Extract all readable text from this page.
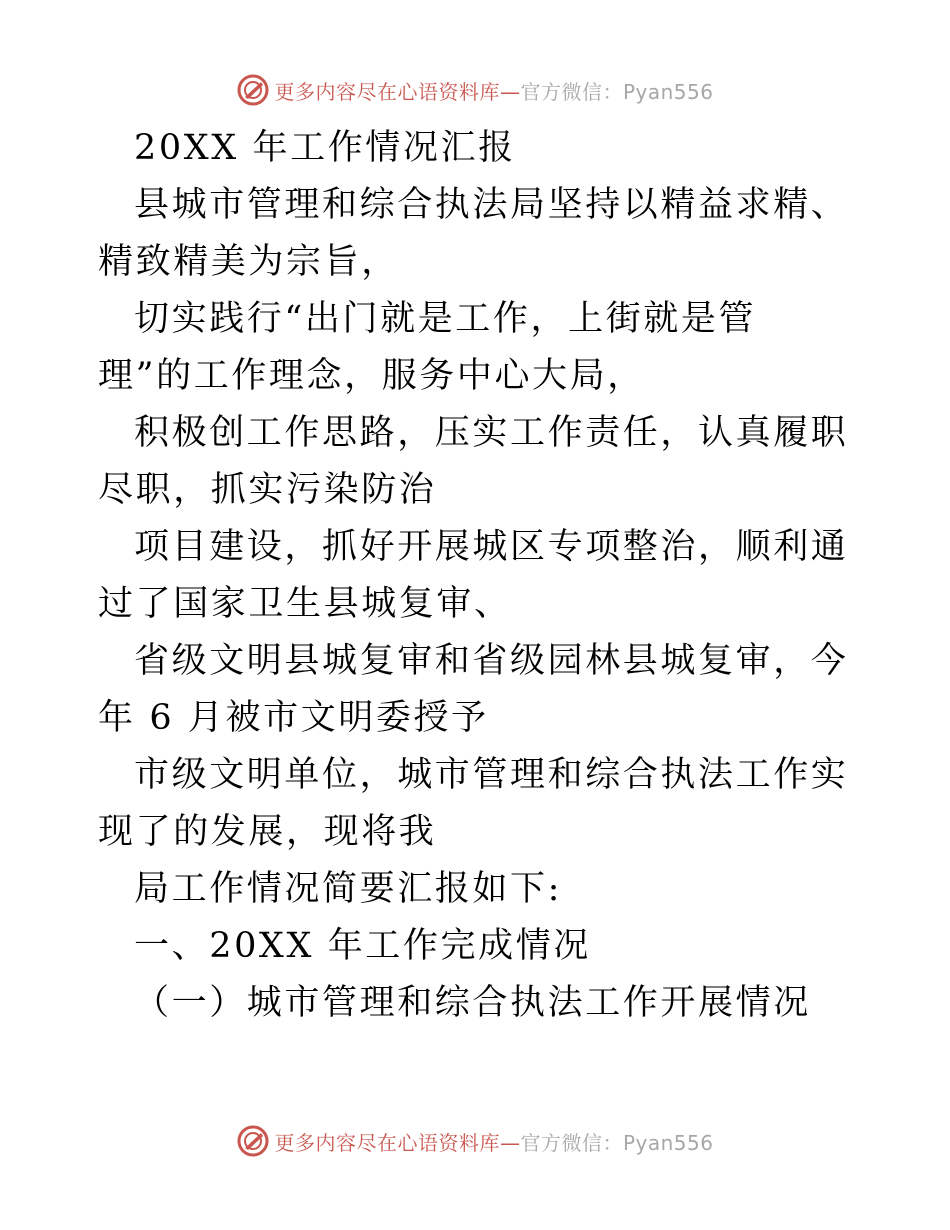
更多内容尽在心语资料库— 官方微信：Pyan556

20XX 年工作情况汇报

县城市管理和综合执法局坚持以精益求精、精致精美为宗旨，

切实践行“出门就是工作，上街就是管理”的工作理念，服务中心大局，

积极创工作思路，压实工作责任，认真履职尽职，抓实污染防治

项目建设，抓好开展城区专项整治，顺利通过了国家卫生县城复审、

省级文明县城复审和省级园林县城复审，今年 6 月被市文明委授予

市级文明单位，城市管理和综合执法工作实现了的发展，现将我

局工作情况简要汇报如下:

一、20XX 年工作完成情况

（一）城市管理和综合执法工作开展情况

更多内容尽在心语资料库— 官方微信：Pyan556
